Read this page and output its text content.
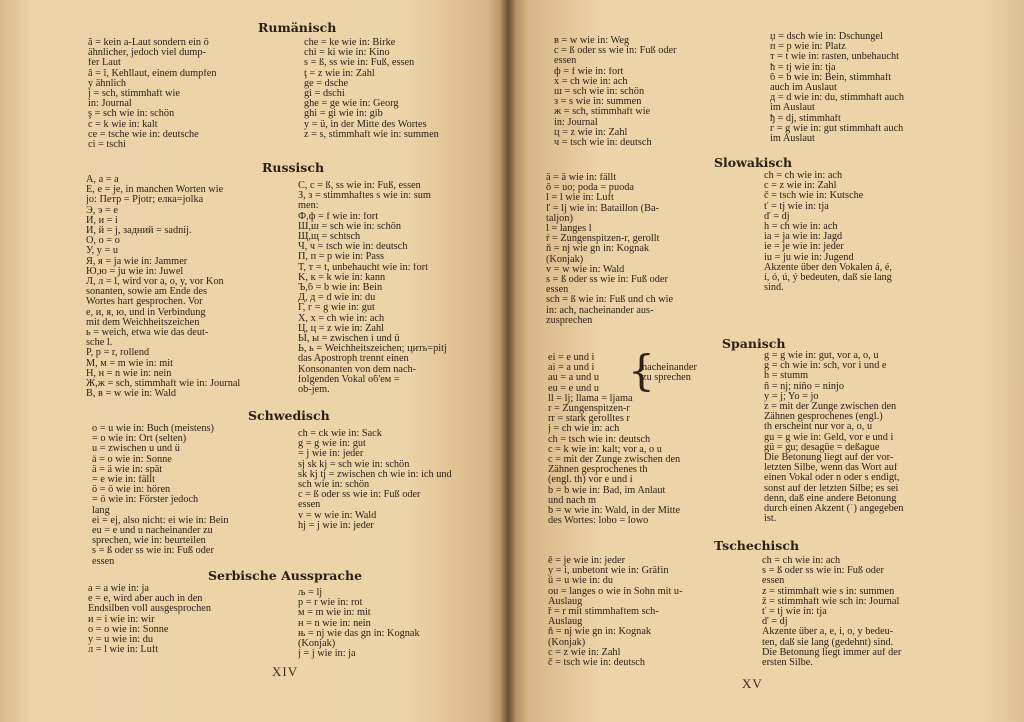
Rumänisch
ă = kein a-Laut sondern ein ö
ähnlicher, jedoch viel dump-
fer Laut
â = î, Kehllaut, einem dumpfen
y ähnlich
j = sch, stimmhaft wie
in: Journal
ş = sch wie in: schön
c = k wie in: kalt
ce = tsche wie in: deutsche
ci = tschi
che = ke wie in: Birke
chi = ki wie in: Kino
s = ß, ss wie in: Fuß, essen
ţ = z wie in: Zahl
ge = dsche
gi = dschi
ghe = ge wie in: Georg
ghi = gi wie in: gib
y = ü, in der Mitte des Wortes
z = s, stimmhaft wie in: summen
Russisch
A, a = a
E, e = je, in manchen Worten wie
jo: Петр = Pjotr; елка=jolka
Э, э = e
И, и = i
Й, й = j, задний = sadnij.
O, o = o
У, у = u
Я, я = ja wie in: Jammer
Ю,ю = ju wie in: Juwel
Л, л = l, wird vor a, o, y, vor Kon
sonanten, sowie am Ende des
Wortes hart gesprochen. Vor
e, и, я, ю, und in Verbindung
mit dem Weichheitszeichen
ь = weich, etwa wie das deut-
sche l.
P, p = r, rollend
M, м = m wie in: mit
H, н = n wie in: nein
Ж,ж = sch, stimmhaft wie in: Journal
B, в = w wie in: Wald
C, c = ß, ss wie in: Fuß, essen
З, з = stimmhaftes s wie in: sum
men:
Ф,ф = f wie in: fort
Ш,ш = sch wie in: schön
Щ,щ = schtsch
Ч, ч = tsch wie in: deutsch
П, п = p wie in: Pass
T, т = t, unbehaucht wie in: fort
K, к = k wie in: kann
Ъ,б = b wie in: Bein
Д, д = d wie in: du
Г, г = g wie in: gut
X, х = ch wie in: ach
Ц, ц = z wie in: Zahl
Ы, ы = zwischen i und ü
Ь, ь = Weichheitszeichen; цить=pitj
das Apostroph trennt einen
Konsonanten von dem nach-
folgenden Vokal об'ем =
ob-jem.
Schwedisch
o = u wie in: Buch (meistens)
= o wie in: Ort (selten)
u = zwischen u und ü
å = o wie in: Sonne
ä = ä wie in: spät
= e wie in: fällt
ö = ö wie in: hören
= ö wie in: Förster jedoch
lang
ei = ej, also nicht: ei wie in: Bein
eu = e und u nacheinander zu
sprechen, wie in: beurteilen
s = ß oder ss wie in: Fuß oder
essen
ch = ck wie in: Sack
g = g wie in: gut
= j wie in: jeder
sj sk kj = sch wie in: schön
sk kj tj = zwischen ch wie in: ich und
sch wie in: schön
c = ß oder ss wie in: Fuß oder
essen
v = w wie in: Wald
hj = j wie in: jeder
Serbische Aussprache
a = a wie in: ja
e = e, wird aber auch in den
Endsilben voll ausgesprochen
и = i wie in: wir
o = o wie in: Sonne
y = u wie in: du
л = l wie in: Luft
љ = lj
p = r wie in: rot
м = m wie in: mit
н = n wie in: nein
њ = nj wie das gn in: Kognak
(Konjak)
j = j wie in: ja
XIV
в = w wie in: Weg
с = ß oder ss wie in: Fuß oder
essen
ф = f wie in: fort
х = ch wie in: ach
ш = sch wie in: schön
з = s wie in: summen
ж = sch, stimmhaft wie
in: Journal
ц = z wie in: Zahl
ч = tsch wie in: deutsch
џ = dsch wie in: Dschungel
п = p wie in: Platz
т = t wie in: rasten, unbehaucht
ћ = tj wie in: tja
б = b wie in: Bein, stimmhaft
auch im Auslaut
д = d wie in: du, stimmhaft auch
im Auslaut
ђ = dj, stimmhaft
г = g wie in: gut stimmhaft auch
im Auslaut
Slowakisch
ä = ä wie in: fällt
ô = uo; poda = puoda
ĺ = l wie in: Luft
ľ = lj wie in: Bataillon (Ba-
taljon)
ĺ = langes l
ŕ = Zungenspitzen-r, gerollt
ň = nj wie gn in: Kognak
(Konjak)
v = w wie in: Wald
s = ß oder ss wie in: Fuß oder
essen
sch = ß wie in: Fuß und ch wie
in: ach, nacheinander aus-
zusprechen
ch = ch wie in: ach
c = z wie in: Zahl
č = tsch wie in: Kutsche
ť = tj wie in: tja
ď = dj
h = ch wie in: ach
ia = ja wie in: Jagd
ie = je wie in: jeder
iu = ju wie in: Jugend
Akzente über den Vokalen á, é,
í, ó, ú, ý bedeuten, daß sie lang
sind.
Spanisch
ei = e und i
ai = a und i
au = a und u
eu = e und u
ll = lj; llama = ljama
r = Zungenspitzen-r
rr = stark gerolltes r
j = ch wie in: ach
ch = tsch wie in: deutsch
c = k wie in: kalt; vor a, o u
c = mit der Zunge zwischen den
Zähnen gesprochenes th
(engl. th) vor e und i
b = b wie in: Bad, im Anlaut
und nach m
b = w wie in: Wald, in der Mitte
des Wortes: lobo = lowo
{
nacheinander
zu sprechen
g = g wie in: gut, vor a, o, u
g = ch wie in: sch, vor i und e
h = stumm
ñ = nj; niño = ninjo
y = j; Yo = jo
z = mit der Zunge zwischen den
Zähnen gesprochenes (engl.)
th erscheint nur vor a, o, u
gu = g wie in: Geld, vor e und i
gü = gu; desagüe = deßague
Die Betonung liegt auf der vor-
letzten Silbe, wenn das Wort auf
einen Vokal oder n oder s endigt,
sonst auf der letzten Silbe; es sei
denn, daß eine andere Betonung
durch einen Akzent (´) angegeben
ist.
Tschechisch
ě = je wie in: jeder
y = i, unbetont wie in: Gräfin
ů = u wie in: du
ou = langes o wie in Sohn mit u-
Auslaug
ř = r mit stimmhaftem sch-
Auslaug
ň = nj wie gn in: Kognak
(Konjak)
c = z wie in: Zahl
č = tsch wie in: deutsch
ch = ch wie in: ach
s = ß oder ss wie in: Fuß oder
essen
z = stimmhaft wie s in: summen
ž = stimmhaft wie sch in: Journal
ť = tj wie in: tja
ď = dj
Akzente über a, e, i, o, y bedeu-
ten, daß sie lang (gedehnt) sind.
Die Betonung liegt immer auf der
ersten Silbe.
XV
